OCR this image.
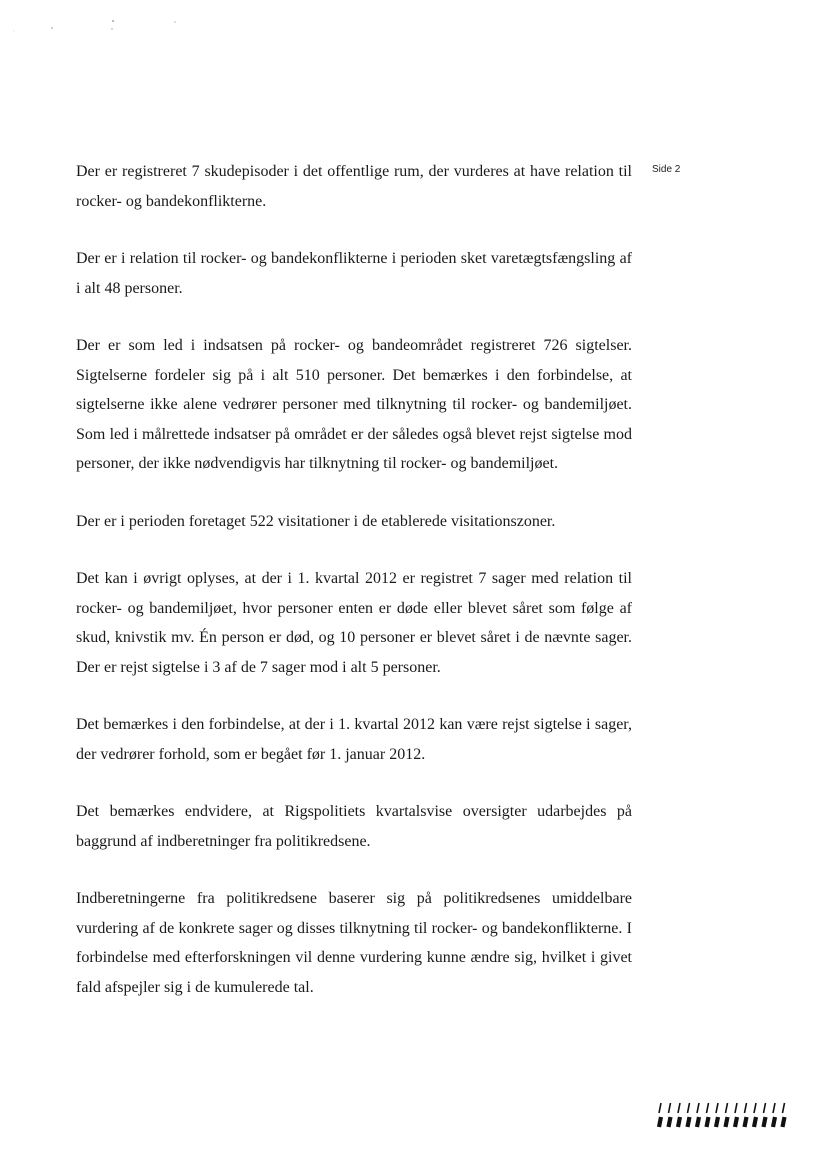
Side 2

Der er registreret 7 skudepisoder i det offentlige rum, der vurderes at have relation til rocker- og bandekonflikterne.

Der er i relation til rocker- og bandekonflikterne i perioden sket varetægtsfængsling af i alt 48 personer.

Der er som led i indsatsen på rocker- og bandeområdet registreret 726 sigtelser. Sigtelserne fordeler sig på i alt 510 personer. Det bemærkes i den forbindelse, at sigtelserne ikke alene vedrører personer med tilknytning til rocker- og bandemiljøet. Som led i målrettede indsatser på området er der således også blevet rejst sigtelse mod personer, der ikke nødvendigvis har tilknytning til rocker- og bandemiljøet.

Der er i perioden foretaget 522 visitationer i de etablerede visitationszoner.

Det kan i øvrigt oplyses, at der i 1. kvartal 2012 er registret 7 sager med relation til rocker- og bandemiljøet, hvor personer enten er døde eller blevet såret som følge af skud, knivstik mv. Én person er død, og 10 personer er blevet såret i de nævnte sager. Der er rejst sigtelse i 3 af de 7 sager mod i alt 5 personer.

Det bemærkes i den forbindelse, at der i 1. kvartal 2012 kan være rejst sigtelse i sager, der vedrører forhold, som er begået før 1. januar 2012.

Det bemærkes endvidere, at Rigspolitiets kvartalsvise oversigter udarbejdes på baggrund af indberetninger fra politikredsene.

Indberetningerne fra politikredsene baserer sig på politikredsenes umiddelbare vurdering af de konkrete sager og disses tilknytning til rocker- og bandekonflikterne. I forbindelse med efterforskningen vil denne vurdering kunne ændre sig, hvilket i givet fald afspejler sig i de kumulerede tal.
